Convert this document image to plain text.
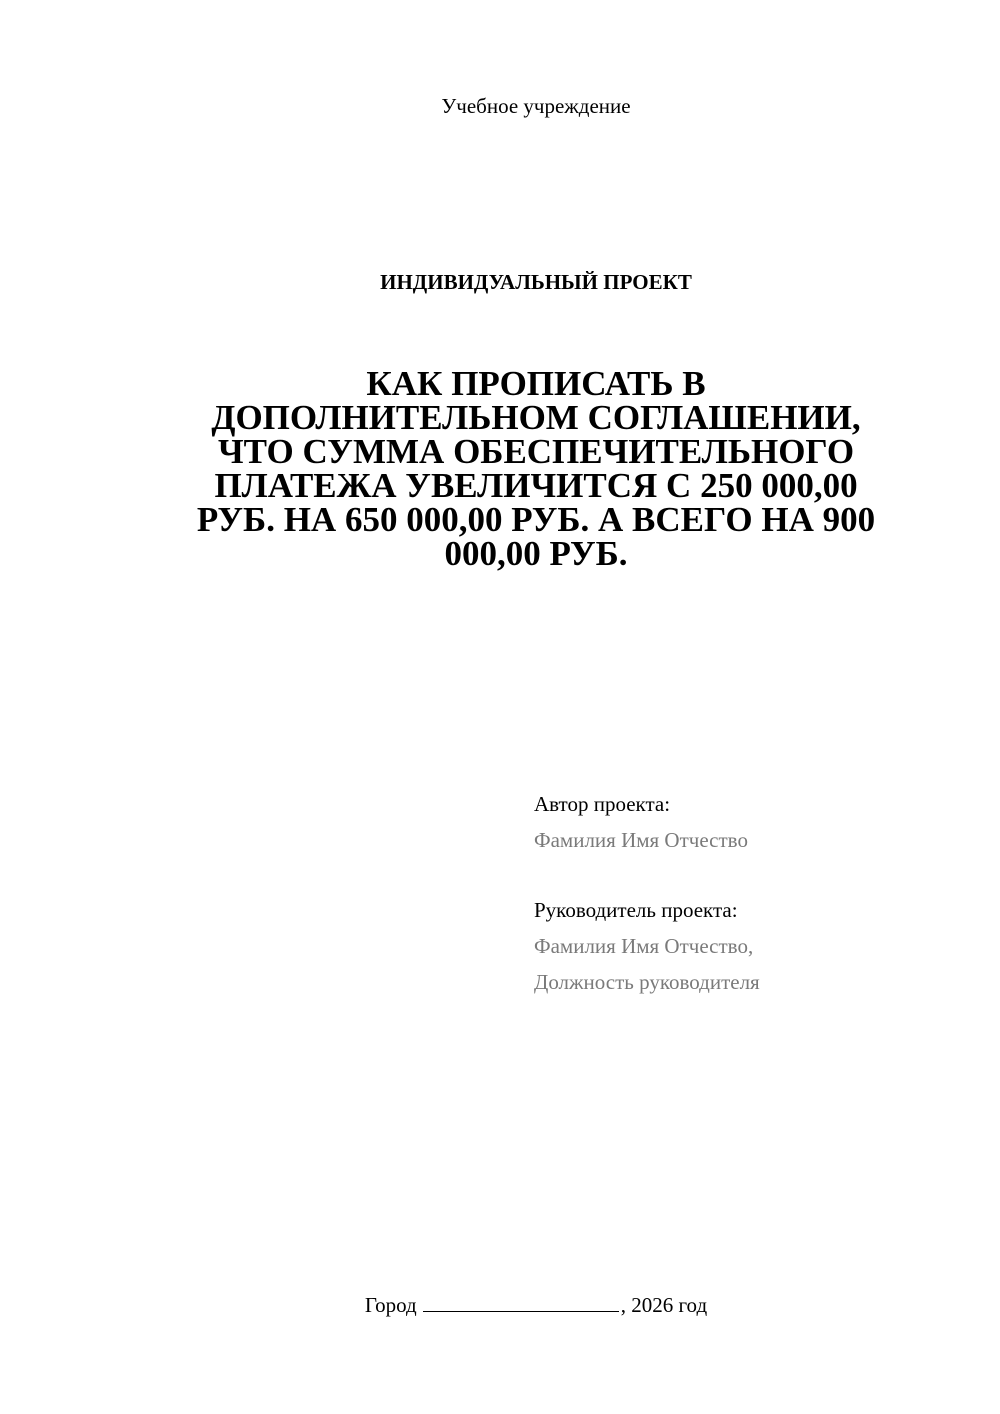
Учебное учреждение
ИНДИВИДУАЛЬНЫЙ ПРОЕКТ
КАК ПРОПИСАТЬ В
ДОПОЛНИТЕЛЬНОМ СОГЛАШЕНИИ,
ЧТО СУММА ОБЕСПЕЧИТЕЛЬНОГО
ПЛАТЕЖА УВЕЛИЧИТСЯ С 250 000,00
РУБ. НА 650 000,00 РУБ. А ВСЕГО НА 900
000,00 РУБ.
Автор проекта:
Фамилия Имя Отчество
Руководитель проекта:
Фамилия Имя Отчество,
Должность руководителя
Город	, 2026 год
